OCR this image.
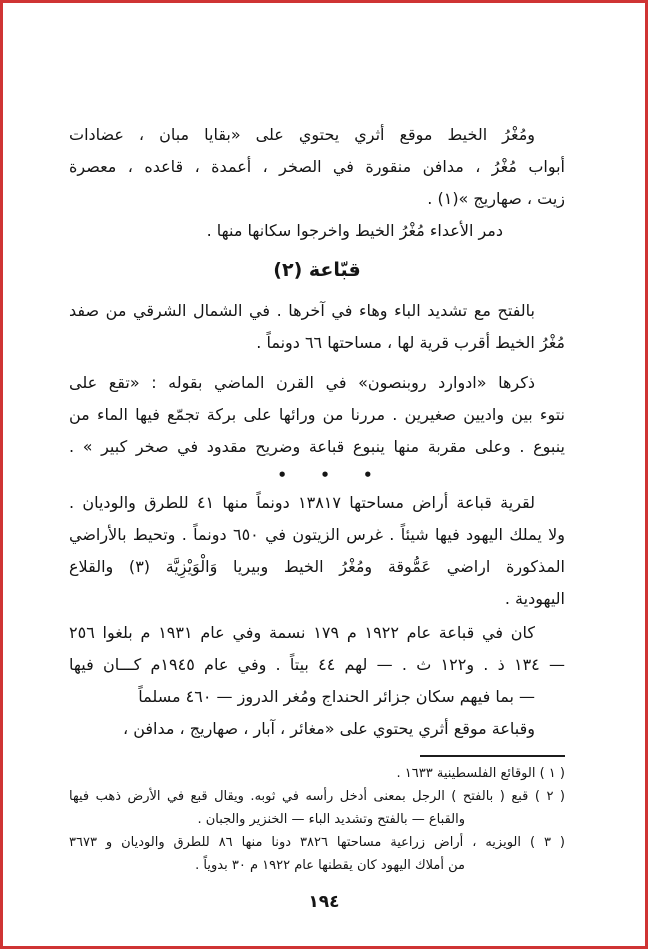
ومُغْرُ الخيط موقع أثري يحتوي على «بقايا مبان ، عضادات
أبواب مُغْرُ ، مدافن منقورة في الصخر ، أعمدة ، قاعده ، معصرة
زيت ، صهاريج »(١) .
دمر الأعداء مُغْرُ الخيط واخرجوا سكانها منها .
قبّاعة (٢)
بالفتح مع تشديد الباء وهاء في آخرها . في الشمال الشرقي من صفد
مُغْرُ الخيط أقرب قرية لها ، مساحتها ٦٦ دونماً .
ذكرها «ادوارد روبنصون» في القرن الماضي بقوله : «تقع على
نتوء بين واديين صغيرين . مررنا من ورائها على بركة تجمّع فيها الماء من
ينبوع . وعلى مقربة منها ينبوع قباعة وضريح مقدود في صخر كبير » .
• • •
لقرية قباعة أراض مساحتها ١٣٨١٧ دونماً منها ٤١ للطرق والوديان .
ولا يملك اليهود فيها شيئاً . غرس الزيتون في ٦٥٠ دونماً . وتحيط بالأراضي
المذكورة اراضي عَمُّوقة ومُغْرُ الخيط وبيريا وَالْوَيْزِيَّة (٣) والقلاع
اليهودية .
كان في قباعة عام ١٩٢٢ م ١٧٩ نسمة وفي عام ١٩٣١ م بلغوا ٢٥٦
— ١٣٤ ذ . و١٢٢ ث . — لهم ٤٤ بيتاً . وفي عام ١٩٤٥م كـــان فيها
— بما فيهم سكان جزائر الحنداج ومُغر الدروز — ٤٦٠ مسلماً
وقباعة موقع أثري يحتوي على «مغائر ، آبار ، صهاريج ، مدافن ،
( ١ ) الوقائع الفلسطينية ١٦٣٣ .
( ٢ ) قبع ( بالفتح ) الرجل بمعنى أدخل رأسه في ثوبه. ويقال قبع في الأرض ذهب فيها
والقباع — بالفتح وتشديد الباء — الخنزير والجبان .
( ٣ ) الويزيه ، أراض زراعية مساحتها ٣٨٢٦ دونا منها ٨٦ للطرق والوديان و ٣٦٧٣
من أملاك اليهود كان يقطنها عام ١٩٢٢ م ٣٠ بدوياً .
١٩٤
